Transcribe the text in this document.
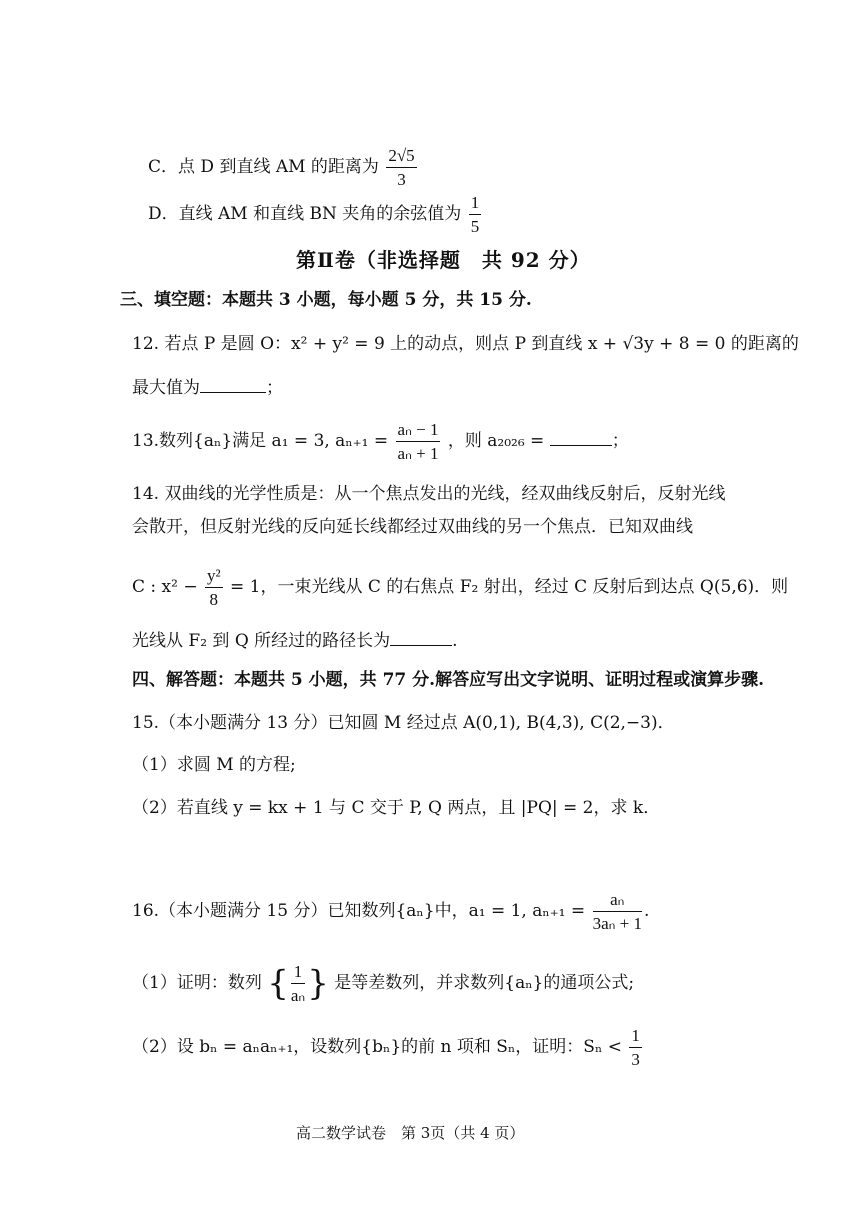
C．点 D 到直线 AM 的距离为 $\frac{2√5}{3}$
D．直线 AM 和直线 BN 夹角的余弦值为 $\frac{1}{5}$
第Ⅱ卷（非选择题　共 92 分）
三、填空题：本题共 3 小题，每小题 5 分，共 15 分.
12. 若点 P 是圆 O：x² + y² = 9 上的动点，则点 P 到直线 x + √3y + 8 = 0 的距离的
最大值为	；
13.数列{aₙ}满足 a₁ = 3, $a_{n+1} = \frac{\text{aₙ − 1}}{\text{aₙ + 1}}$ ，则 a₂₀₂₆ =	；
14. 双曲线的光学性质是：从一个焦点发出的光线，经双曲线反射后，反射光线
会散开，但反射光线的反向延长线都经过双曲线的另一个焦点．已知双曲线
C : $x^2 - \frac{\text{y²}}{8} = 1$，一束光线从 C 的右焦点 F₂ 射出，经过 C 反射后到达点 Q(5,6)．则
光线从 F₂ 到 Q 所经过的路径长为	.
四、解答题：本题共 5 小题，共 77 分.解答应写出文字说明、证明过程或演算步骤.
15.（本小题满分 13 分）已知圆 M 经过点 A(0,1), B(4,3), C(2,−3)．
（1）求圆 M 的方程;
（2）若直线 y = kx + 1 与 C 交于 P, Q 两点，且 |PQ| = 2，求 k．
16.（本小题满分 15 分）已知数列{aₙ}中，a₁ = 1, $a_{n+1} = \frac{\text{aₙ}}{\text{3aₙ + 1}}$ .
（1）证明：数列 { $\frac{1}{\text{aₙ}}$ } 是等差数列，并求数列{aₙ}的通项公式;
（2）设 bₙ = aₙaₙ₊₁，设数列{bₙ}的前 n 项和 Sₙ，证明：$S_n < \frac{1}{3}$
高二数学试卷　第 3页（共 4 页）
